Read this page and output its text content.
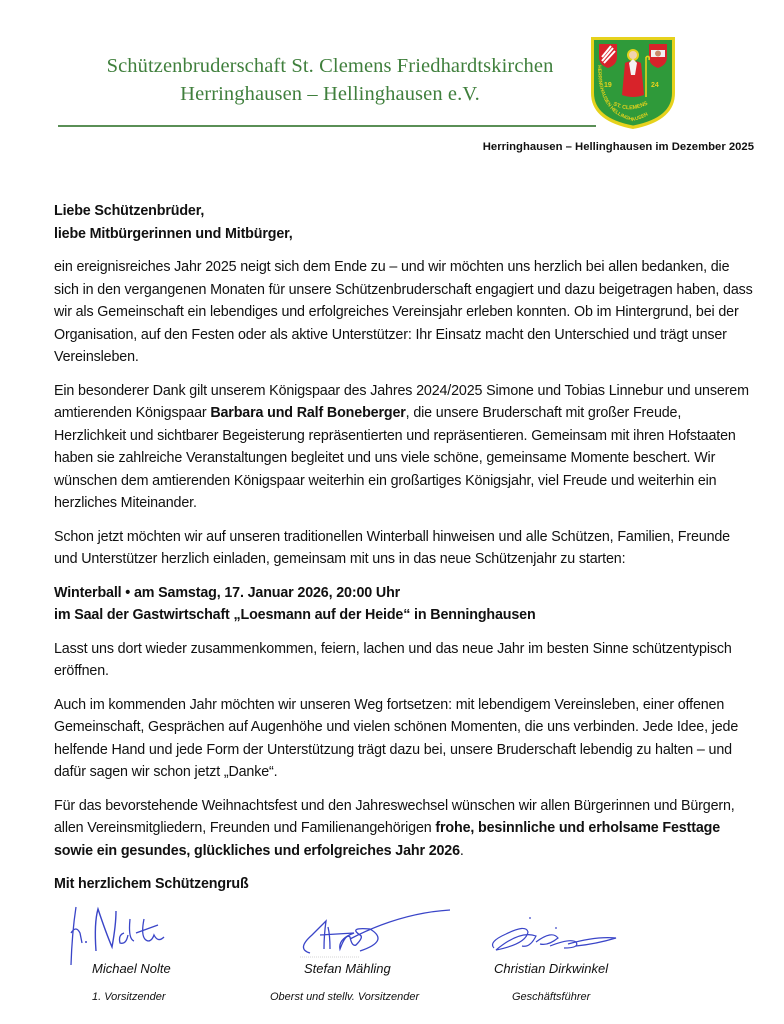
Schützenbruderschaft St. Clemens Friedhardtskirchen
Herringhausen – Hellinghausen e.V.	19	24
ST. CLEMENS
HERRINGHAUSEN HELLINGHAUSEN
Herringhausen – Hellinghausen im Dezember 2025

Liebe Schützenbrüder,
liebe Mitbürgerinnen und Mitbürger,

ein ereignisreiches Jahr 2025 neigt sich dem Ende zu – und wir möchten uns herzlich bei allen bedanken, die sich in den vergangenen Monaten für unsere Schützenbruderschaft engagiert und dazu beigetragen haben, dass wir als Gemeinschaft ein lebendiges und erfolgreiches Vereinsjahr erleben konnten. Ob im Hintergrund, bei der Organisation, auf den Festen oder als aktive Unterstützer: Ihr Einsatz macht den Unterschied und trägt unser Vereinsleben.

Ein besonderer Dank gilt unserem Königspaar des Jahres 2024/2025 Simone und Tobias Linnebur und unserem amtierenden Königspaar Barbara und Ralf Boneberger, die unsere Bruderschaft mit großer Freude, Herzlichkeit und sichtbarer Begeisterung repräsentierten und repräsentieren. Gemeinsam mit ihren Hofstaaten haben sie zahlreiche Veranstaltungen begleitet und uns viele schöne, gemeinsame Momente beschert. Wir wünschen dem amtierenden Königspaar weiterhin ein großartiges Königsjahr, viel Freude und weiterhin ein herzliches Miteinander.

Schon jetzt möchten wir auf unseren traditionellen Winterball hinweisen und alle Schützen, Familien, Freunde und Unterstützer herzlich einladen, gemeinsam mit uns in das neue Schützenjahr zu starten:

Winterball • am Samstag, 17. Januar 2026, 20:00 Uhr
im Saal der Gastwirtschaft „Loesmann auf der Heide“ in Benninghausen

Lasst uns dort wieder zusammenkommen, feiern, lachen und das neue Jahr im besten Sinne schützentypisch eröffnen.

Auch im kommenden Jahr möchten wir unseren Weg fortsetzen: mit lebendigem Vereinsleben, einer offenen Gemeinschaft, Gesprächen auf Augenhöhe und vielen schönen Momenten, die uns verbinden. Jede Idee, jede helfende Hand und jede Form der Unterstützung trägt dazu bei, unsere Bruderschaft lebendig zu halten – und dafür sagen wir schon jetzt „Danke“.

Für das bevorstehende Weihnachtsfest und den Jahreswechsel wünschen wir allen Bürgerinnen und Bürgern, allen Vereinsmitgliedern, Freunden und Familienangehörigen frohe, besinnliche und erholsame Festtage sowie ein gesundes, glückliches und erfolgreiches Jahr 2026.

Mit herzlichem Schützengruß

Michael Nolte
1. Vorsitzender
Stefan Mähling
Oberst und stellv. Vorsitzender
Christian Dirkwinkel
Geschäftsführer
